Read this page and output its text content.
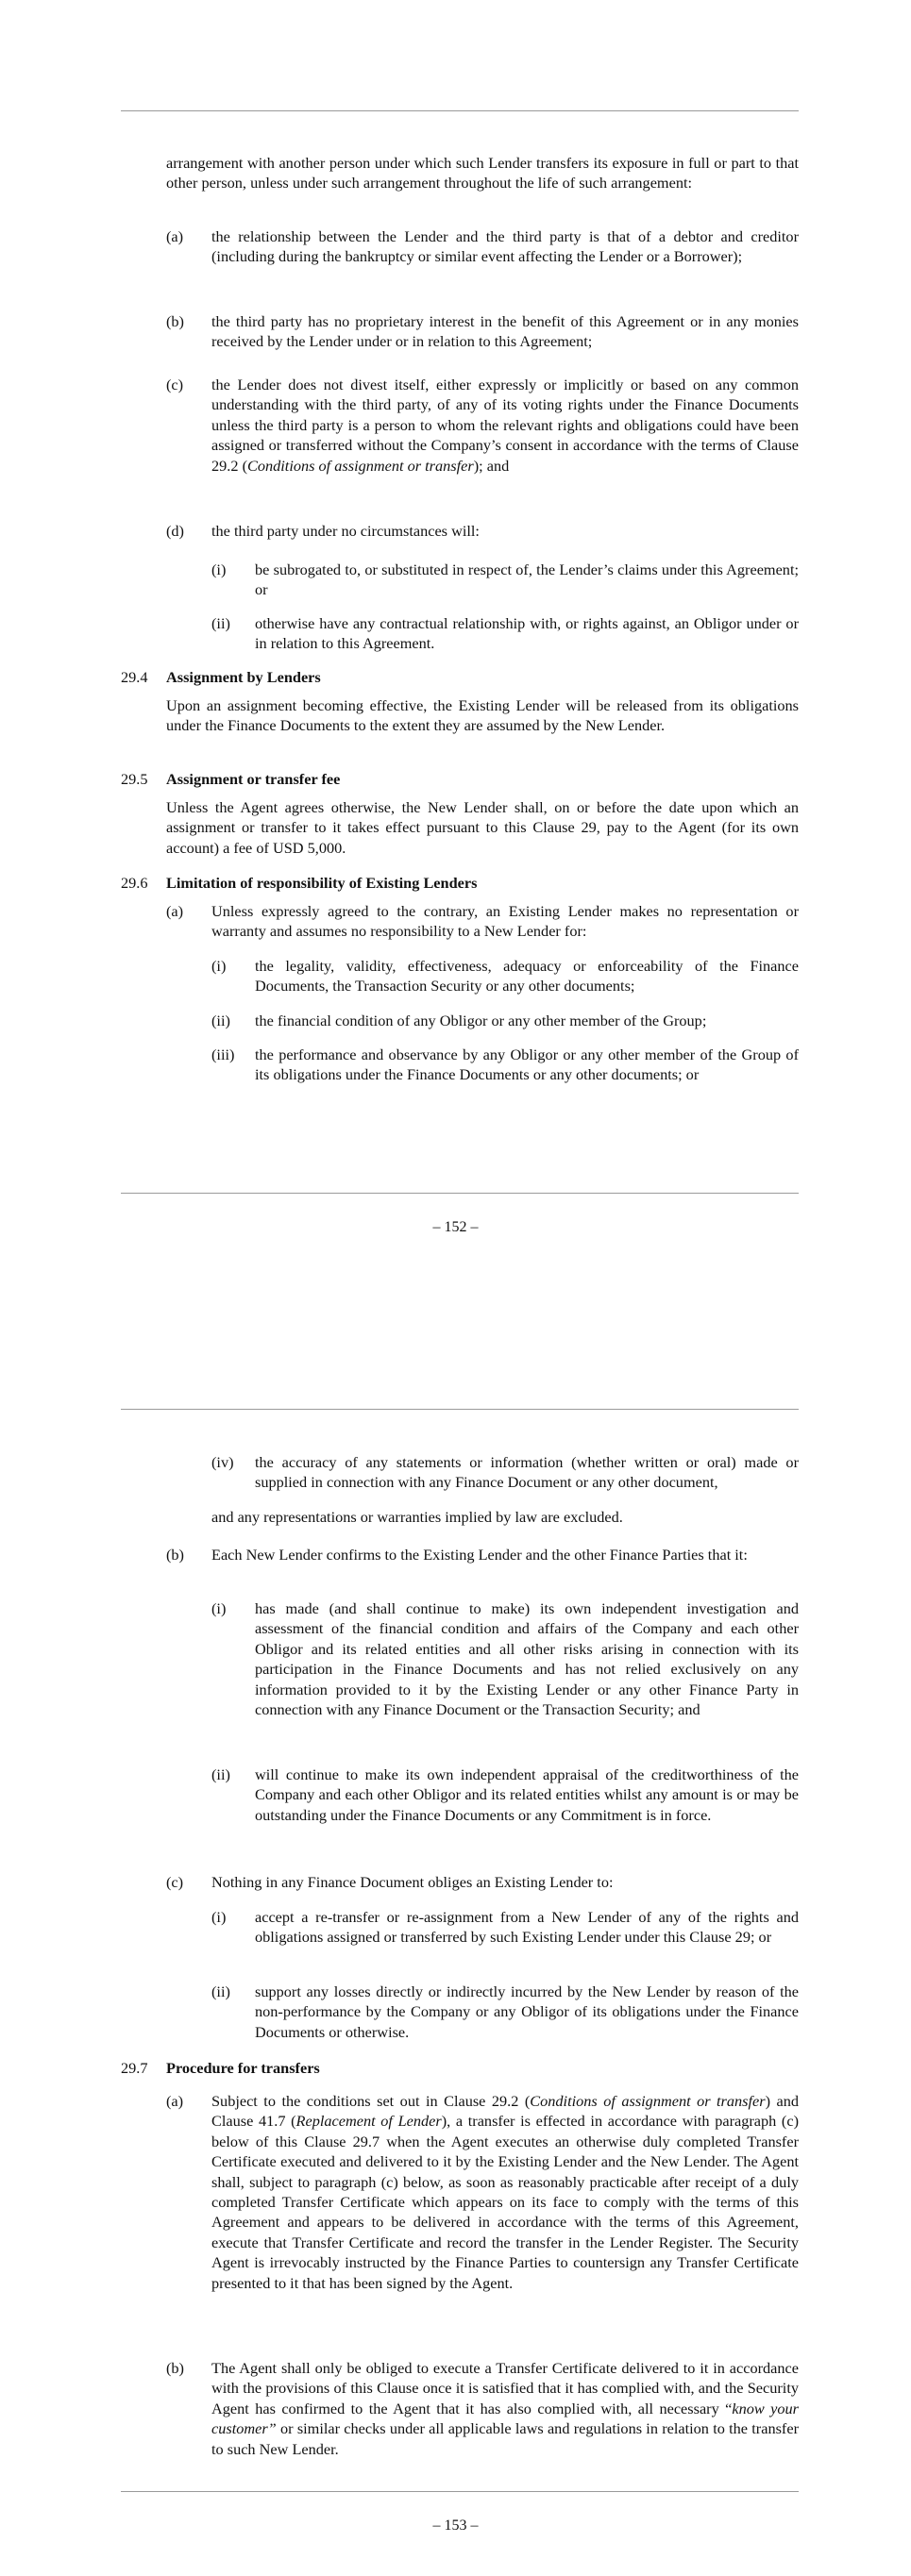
arrangement with another person under which such Lender transfers its exposure in full or part to that other person, unless under such arrangement throughout the life of such arrangement:
(a) the relationship between the Lender and the third party is that of a debtor and creditor (including during the bankruptcy or similar event affecting the Lender or a Borrower);
(b) the third party has no proprietary interest in the benefit of this Agreement or in any monies received by the Lender under or in relation to this Agreement;
(c) the Lender does not divest itself, either expressly or implicitly or based on any common understanding with the third party, of any of its voting rights under the Finance Documents unless the third party is a person to whom the relevant rights and obligations could have been assigned or transferred without the Company’s consent in accordance with the terms of Clause 29.2 (Conditions of assignment or transfer); and
(d) the third party under no circumstances will:
(i) be subrogated to, or substituted in respect of, the Lender’s claims under this Agreement; or
(ii) otherwise have any contractual relationship with, or rights against, an Obligor under or in relation to this Agreement.
29.4 Assignment by Lenders
Upon an assignment becoming effective, the Existing Lender will be released from its obligations under the Finance Documents to the extent they are assumed by the New Lender.
29.5 Assignment or transfer fee
Unless the Agent agrees otherwise, the New Lender shall, on or before the date upon which an assignment or transfer to it takes effect pursuant to this Clause 29, pay to the Agent (for its own account) a fee of USD 5,000.
29.6 Limitation of responsibility of Existing Lenders
(a) Unless expressly agreed to the contrary, an Existing Lender makes no representation or warranty and assumes no responsibility to a New Lender for:
(i) the legality, validity, effectiveness, adequacy or enforceability of the Finance Documents, the Transaction Security or any other documents;
(ii) the financial condition of any Obligor or any other member of the Group;
(iii) the performance and observance by any Obligor or any other member of the Group of its obligations under the Finance Documents or any other documents; or
– 152 –
(iv) the accuracy of any statements or information (whether written or oral) made or supplied in connection with any Finance Document or any other document,
and any representations or warranties implied by law are excluded.
(b) Each New Lender confirms to the Existing Lender and the other Finance Parties that it:
(i) has made (and shall continue to make) its own independent investigation and assessment of the financial condition and affairs of the Company and each other Obligor and its related entities and all other risks arising in connection with its participation in the Finance Documents and has not relied exclusively on any information provided to it by the Existing Lender or any other Finance Party in connection with any Finance Document or the Transaction Security; and
(ii) will continue to make its own independent appraisal of the creditworthiness of the Company and each other Obligor and its related entities whilst any amount is or may be outstanding under the Finance Documents or any Commitment is in force.
(c) Nothing in any Finance Document obliges an Existing Lender to:
(i) accept a re-transfer or re-assignment from a New Lender of any of the rights and obligations assigned or transferred by such Existing Lender under this Clause 29; or
(ii) support any losses directly or indirectly incurred by the New Lender by reason of the non-performance by the Company or any Obligor of its obligations under the Finance Documents or otherwise.
29.7 Procedure for transfers
(a) Subject to the conditions set out in Clause 29.2 (Conditions of assignment or transfer) and Clause 41.7 (Replacement of Lender), a transfer is effected in accordance with paragraph (c) below of this Clause 29.7 when the Agent executes an otherwise duly completed Transfer Certificate executed and delivered to it by the Existing Lender and the New Lender. The Agent shall, subject to paragraph (c) below, as soon as reasonably practicable after receipt of a duly completed Transfer Certificate which appears on its face to comply with the terms of this Agreement and appears to be delivered in accordance with the terms of this Agreement, execute that Transfer Certificate and record the transfer in the Lender Register. The Security Agent is irrevocably instructed by the Finance Parties to countersign any Transfer Certificate presented to it that has been signed by the Agent.
(b) The Agent shall only be obliged to execute a Transfer Certificate delivered to it in accordance with the provisions of this Clause once it is satisfied that it has complied with, and the Security Agent has confirmed to the Agent that it has also complied with, all necessary “know your customer” or similar checks under all applicable laws and regulations in relation to the transfer to such New Lender.
– 153 –
